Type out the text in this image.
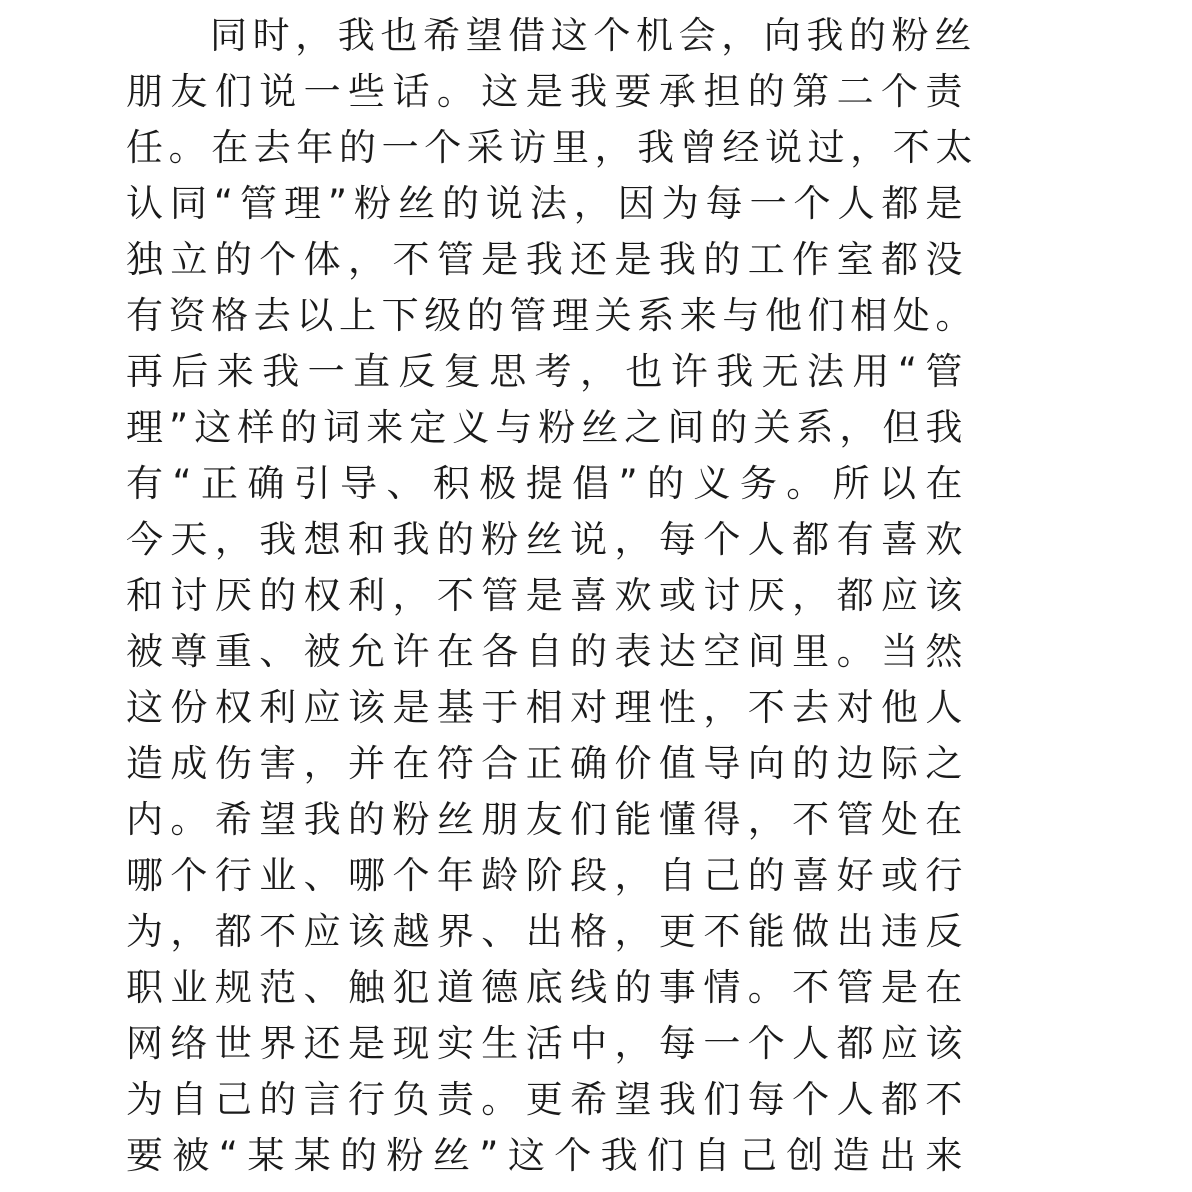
同时，我也希望借这个机会，向我的粉丝
朋友们说一些话。这是我要承担的第二个责
任。在去年的一个采访里，我曾经说过，不太
认同“管理”粉丝的说法，因为每一个人都是
独立的个体，不管是我还是我的工作室都没
有资格去以上下级的管理关系来与他们相处。
再后来我一直反复思考，也许我无法用“管
理”这样的词来定义与粉丝之间的关系，但我
有“正确引导、积极提倡”的义务。所以在
今天，我想和我的粉丝说，每个人都有喜欢
和讨厌的权利，不管是喜欢或讨厌，都应该
被尊重、被允许在各自的表达空间里。当然
这份权利应该是基于相对理性，不去对他人
造成伤害，并在符合正确价值导向的边际之
内。希望我的粉丝朋友们能懂得，不管处在
哪个行业、哪个年龄阶段，自己的喜好或行
为，都不应该越界、出格，更不能做出违反
职业规范、触犯道德底线的事情。不管是在
网络世界还是现实生活中，每一个人都应该
为自己的言行负责。更希望我们每个人都不
要被“某某的粉丝”这个我们自己创造出来
